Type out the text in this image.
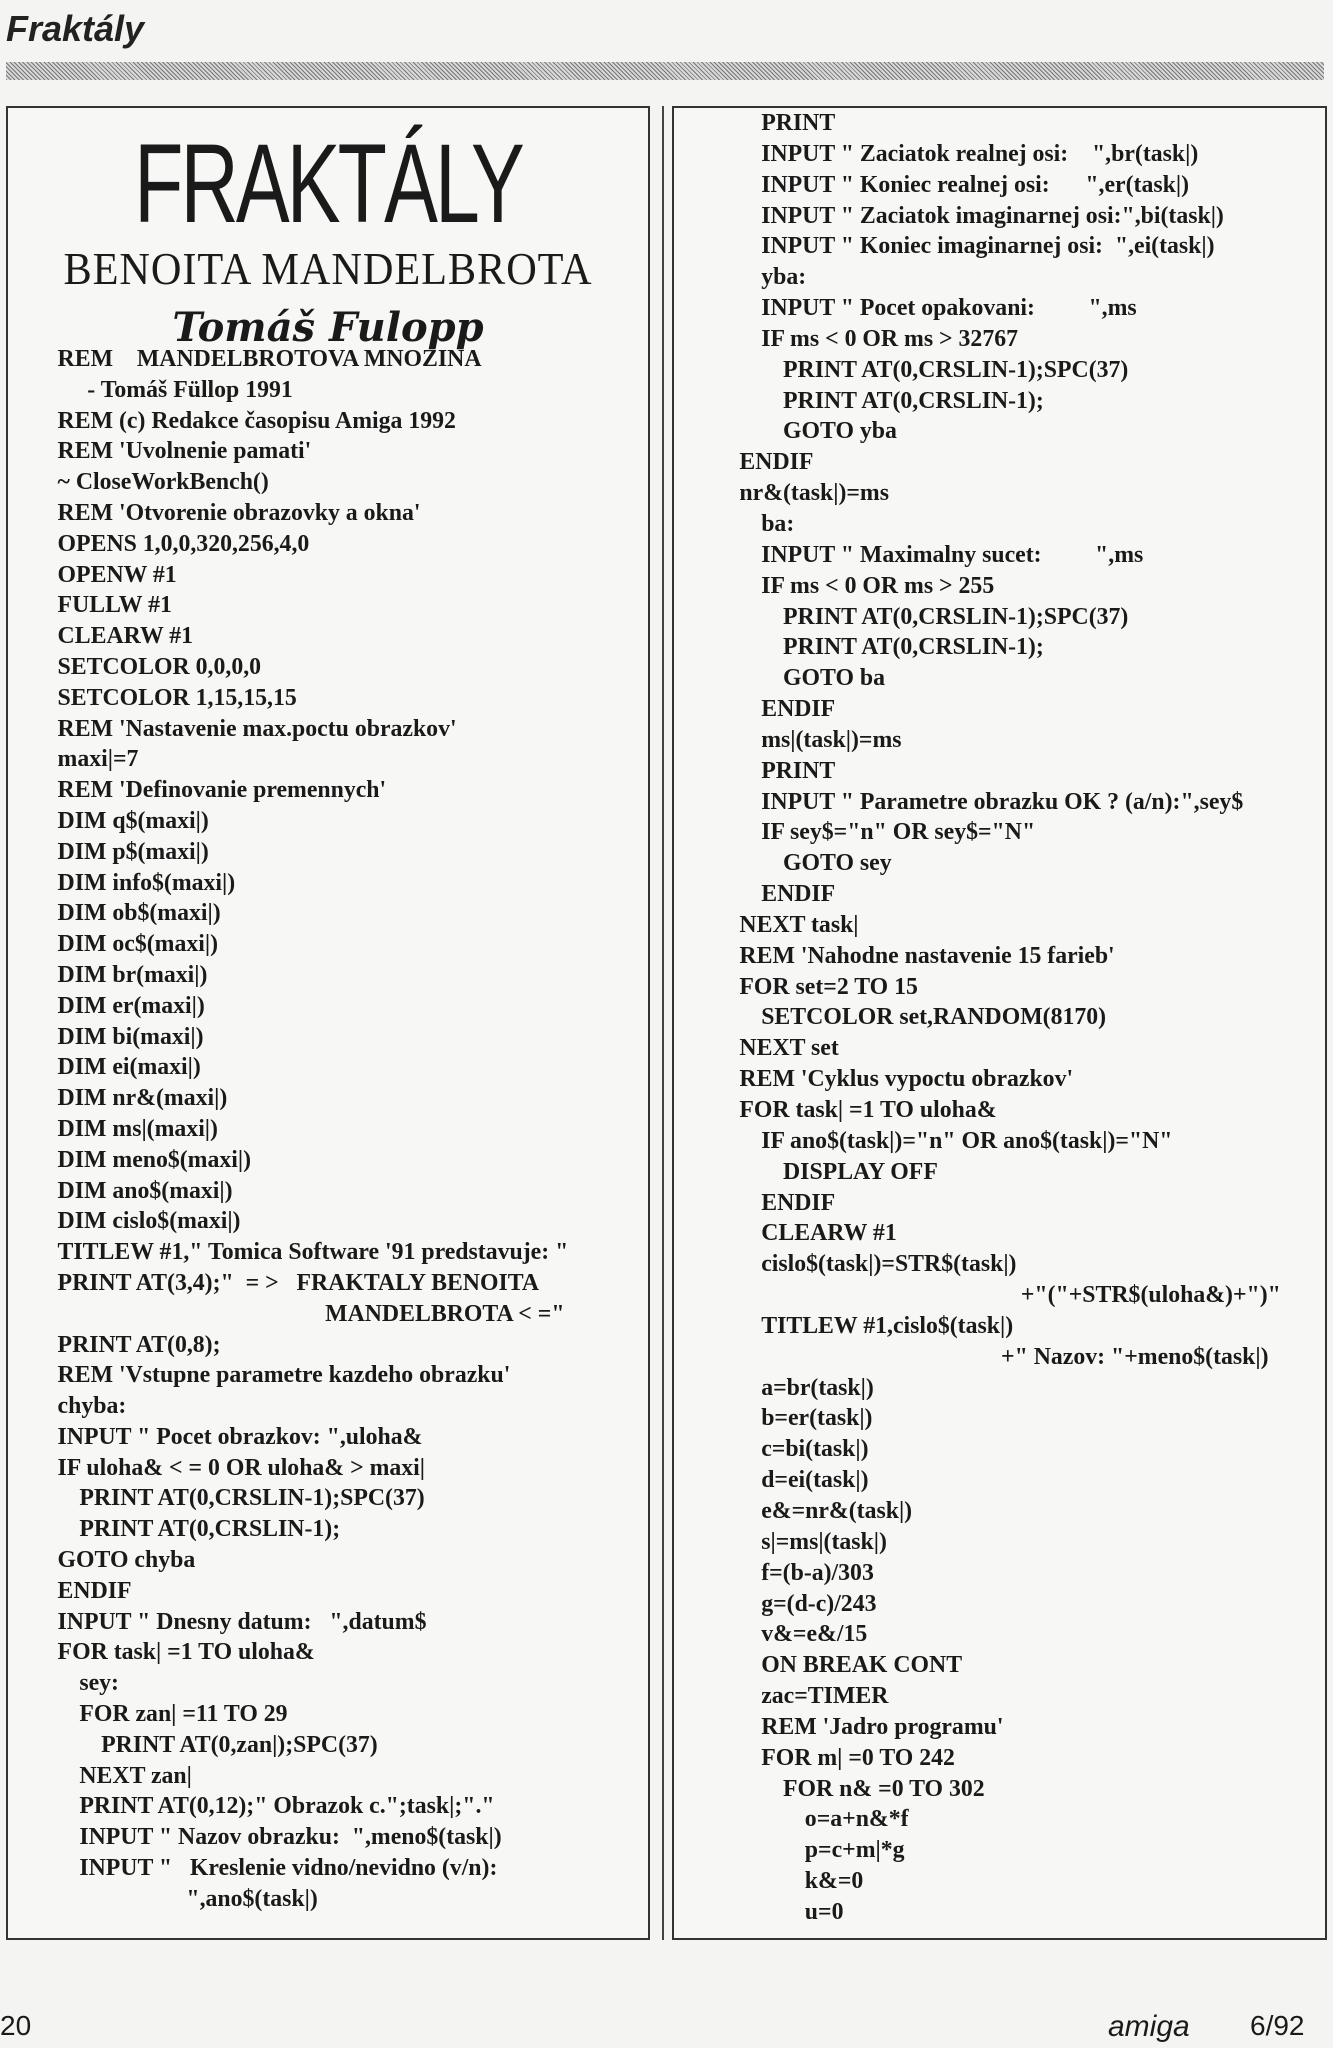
Fraktály
FRAKTÁLY
BENOITA MANDELBROTA
Tomáš Fulopp
REM    MANDELBROTOVA MNOZINA
- Tomáš Füllop 1991
REM (c) Redakce časopisu Amiga 1992
REM 'Uvolnenie pamati'
~ CloseWorkBench()
REM 'Otvorenie obrazovky a okna'
OPENS 1,0,0,320,256,4,0
OPENW #1
FULLW #1
CLEARW #1
SETCOLOR 0,0,0,0
SETCOLOR 1,15,15,15
REM 'Nastavenie max.poctu obrazkov'
maxi|=7
REM 'Definovanie premennych'
DIM q$(maxi|)
DIM p$(maxi|)
DIM info$(maxi|)
DIM ob$(maxi|)
DIM oc$(maxi|)
DIM br(maxi|)
DIM er(maxi|)
DIM bi(maxi|)
DIM ei(maxi|)
DIM nr&(maxi|)
DIM ms|(maxi|)
DIM meno$(maxi|)
DIM ano$(maxi|)
DIM cislo$(maxi|)
TITLEW #1," Tomica Software '91 predstavuje: "
PRINT AT(3,4);"  = >   FRAKTALY BENOITA
MANDELBROTA < ="
PRINT AT(0,8);
REM 'Vstupne parametre kazdeho obrazku'
chyba:
INPUT " Pocet obrazkov: ",uloha&
IF uloha& < = 0 OR uloha& > maxi|
PRINT AT(0,CRSLIN-1);SPC(37)
PRINT AT(0,CRSLIN-1);
GOTO chyba
ENDIF
INPUT " Dnesny datum:   ",datum$
FOR task| =1 TO uloha&
sey:
FOR zan| =11 TO 29
PRINT AT(0,zan|);SPC(37)
NEXT zan|
PRINT AT(0,12);" Obrazok c.";task|;"."
INPUT " Nazov obrazku:  ",meno$(task|)
INPUT "   Kreslenie vidno/nevidno (v/n):
",ano$(task|)
PRINT
INPUT " Zaciatok realnej osi:    ",br(task|)
INPUT " Koniec realnej osi:      ",er(task|)
INPUT " Zaciatok imaginarnej osi:",bi(task|)
INPUT " Koniec imaginarnej osi:  ",ei(task|)
yba:
INPUT " Pocet opakovani:         ",ms
IF ms < 0 OR ms > 32767
PRINT AT(0,CRSLIN-1);SPC(37)
PRINT AT(0,CRSLIN-1);
GOTO yba
ENDIF
nr&(task|)=ms
ba:
INPUT " Maximalny sucet:         ",ms
IF ms < 0 OR ms > 255
PRINT AT(0,CRSLIN-1);SPC(37)
PRINT AT(0,CRSLIN-1);
GOTO ba
ENDIF
ms|(task|)=ms
PRINT
INPUT " Parametre obrazku OK ? (a/n):",sey$
IF sey$="n" OR sey$="N"
GOTO sey
ENDIF
NEXT task|
REM 'Nahodne nastavenie 15 farieb'
FOR set=2 TO 15
SETCOLOR set,RANDOM(8170)
NEXT set
REM 'Cyklus vypoctu obrazkov'
FOR task| =1 TO uloha&
IF ano$(task|)="n" OR ano$(task|)="N"
DISPLAY OFF
ENDIF
CLEARW #1
cislo$(task|)=STR$(task|)
+"("+STR$(uloha&)+")"
TITLEW #1,cislo$(task|)
+" Nazov: "+meno$(task|)
a=br(task|)
b=er(task|)
c=bi(task|)
d=ei(task|)
e&=nr&(task|)
s|=ms|(task|)
f=(b-a)/303
g=(d-c)/243
v&=e&/15
ON BREAK CONT
zac=TIMER
REM 'Jadro programu'
FOR m| =0 TO 242
FOR n& =0 TO 302
o=a+n&*f
p=c+m|*g
k&=0
u=0
20	amiga 6/92
